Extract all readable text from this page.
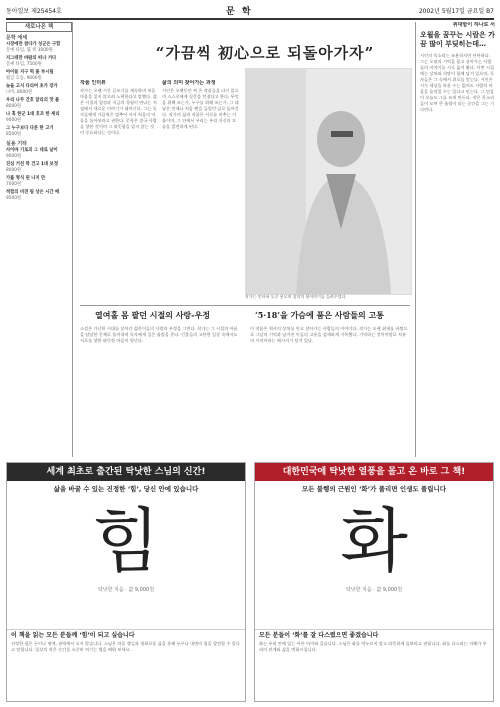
동아일보 제25454호	문 학	2002년 5월17일 금요일 B7
새로나온 책
문학 에세
시장에만 참다가 성군은 구합
문예 타임, 몇 쪽 3000원
지그테만 바람의 떠나 거다
문예 타임, 7500원
아이들 지구 떡 풀 부시림
월급 흐름, 9000원
늦을 고서 다리며 초가 장가
나비, 8000원
우리 나무 간호 달리의 맛 풀
8000원
나 혹 한군 1대 호조 한 세리
9000원
그 누구보다 다른 한 고기
8500원
실용 기타
사이바 기로의 그 대로 날이
9000원
진심 거친 학 건고 1대 보정
8000원
가를 형식 된 나지 만
7000원
적합의 비전 팀 상은 시간 배
9500원
“가끔씩 初心으로 되돌아가자”
작품 인터뷰
작가는 오랜 시간 글쓰기를 계속하며 처음 마음을 잊지 않으려 노력한다고 말했다. 젊은 시절의 열정과 지금의 경험이 만나는 지점에서 새로운 이야기가 태어난다. 그는 독자들에게 가끔씩은 멈추어 서서 처음의 마음을 돌아보라고 권한다. 문학은 결국 사람을 향한 것이며 그 따뜻함을 잃지 않는 것이 중요하다는 것이다.
삶의 의미 찾아가는 과정
시인은 오랫동안 써 온 작품들을 다시 읽으며 스스로에게 질문을 던졌다고 한다. 무엇을 위해 쓰는가, 누구를 위해 쓰는가. 그 대답은 언제나 처음 펜을 들었던 날로 돌아간다. 작가의 삶과 작품은 서로를 비추는 거울이며, 그 안에서 우리는 우리 자신의 모습을 발견하게 된다.
작가는 인터뷰 도중 웃으며 창작의 뒷이야기를 들려주었다.
위대함이 하나로 서
오월을 꿈꾸는 시람은 가끔 많이 부딪히는데…
시인의 목소리는 조용하지만 단단하다. 그는 오월의 기억을 품고 살아가는 사람들의 이야기를 시로 옮겨 왔다. 이번 시집에는 상처와 희망이 함께 담겨 있으며, 독자들은 그 속에서 위로를 얻는다. 시인은 시가 세상을 바꿀 수는 없어도 사람의 마음을 움직일 수는 있다고 믿는다. 그 믿음이 오늘도 그를 쓰게 만든다. 작은 목소리들이 모여 큰 울림이 되는 순간을 그는 기다린다.
열여홀 몸 팔던 시절의 사랑-우정	‘5·18’을 가슴에 품은 사람들의 고통
소설은 가난한 시대를 살아간 젊은이들의 사랑과 우정을 그린다. 작가는 그 시절의 아픔을 담담한 문체로 풀어내며 독자에게 깊은 울림을 준다. 인물들의 고단한 일상 속에서도 서로를 향한 따뜻한 마음이 빛난다.
이 작품은 역사의 상처를 안고 살아가는 사람들의 이야기다. 작가는 오랜 취재를 바탕으로 그날의 기억과 남겨진 이들의 고통을 섬세하게 기록했다. 기억하는 것이야말로 치유의 시작이라는 메시지가 담겨 있다.
세계 최초로 출간된 탁낫한 스님의 신간!
삶을 바꿀 수 있는 진정한 ‘힘’, 당신 안에 있습니다
힘
탁낫한 지음 · 값 9,000원
이 책을 읽는 모든 분들께 ‘힘’이 되고 싶습니다
진정한 힘은 돈이나 명예, 권력에서 오지 않습니다. 스님은 마음 챙김과 평화로운 삶을 통해 누구나 내면의 힘을 발견할 수 있다고 말합니다. 일상의 작은 순간을 소중히 여기는 법을 배워 보세요.
대한민국에 탁낫한 열풍을 몰고 온 바로 그 책!
모든 불행의 근원인 ‘화’가 풀리면 인생도 풀립니다
화
탁낫한 지음 · 값 9,000원
모든 분들이 ‘화’를 잘 다스렸으면 좋겠습니다
화는 우리 안에 있는 아픈 아이와 같습니다. 스님은 화를 억누르지 말고 따뜻하게 돌보라고 권합니다. 화를 다스리는 지혜가 우리의 관계와 삶을 변화시킵니다.
